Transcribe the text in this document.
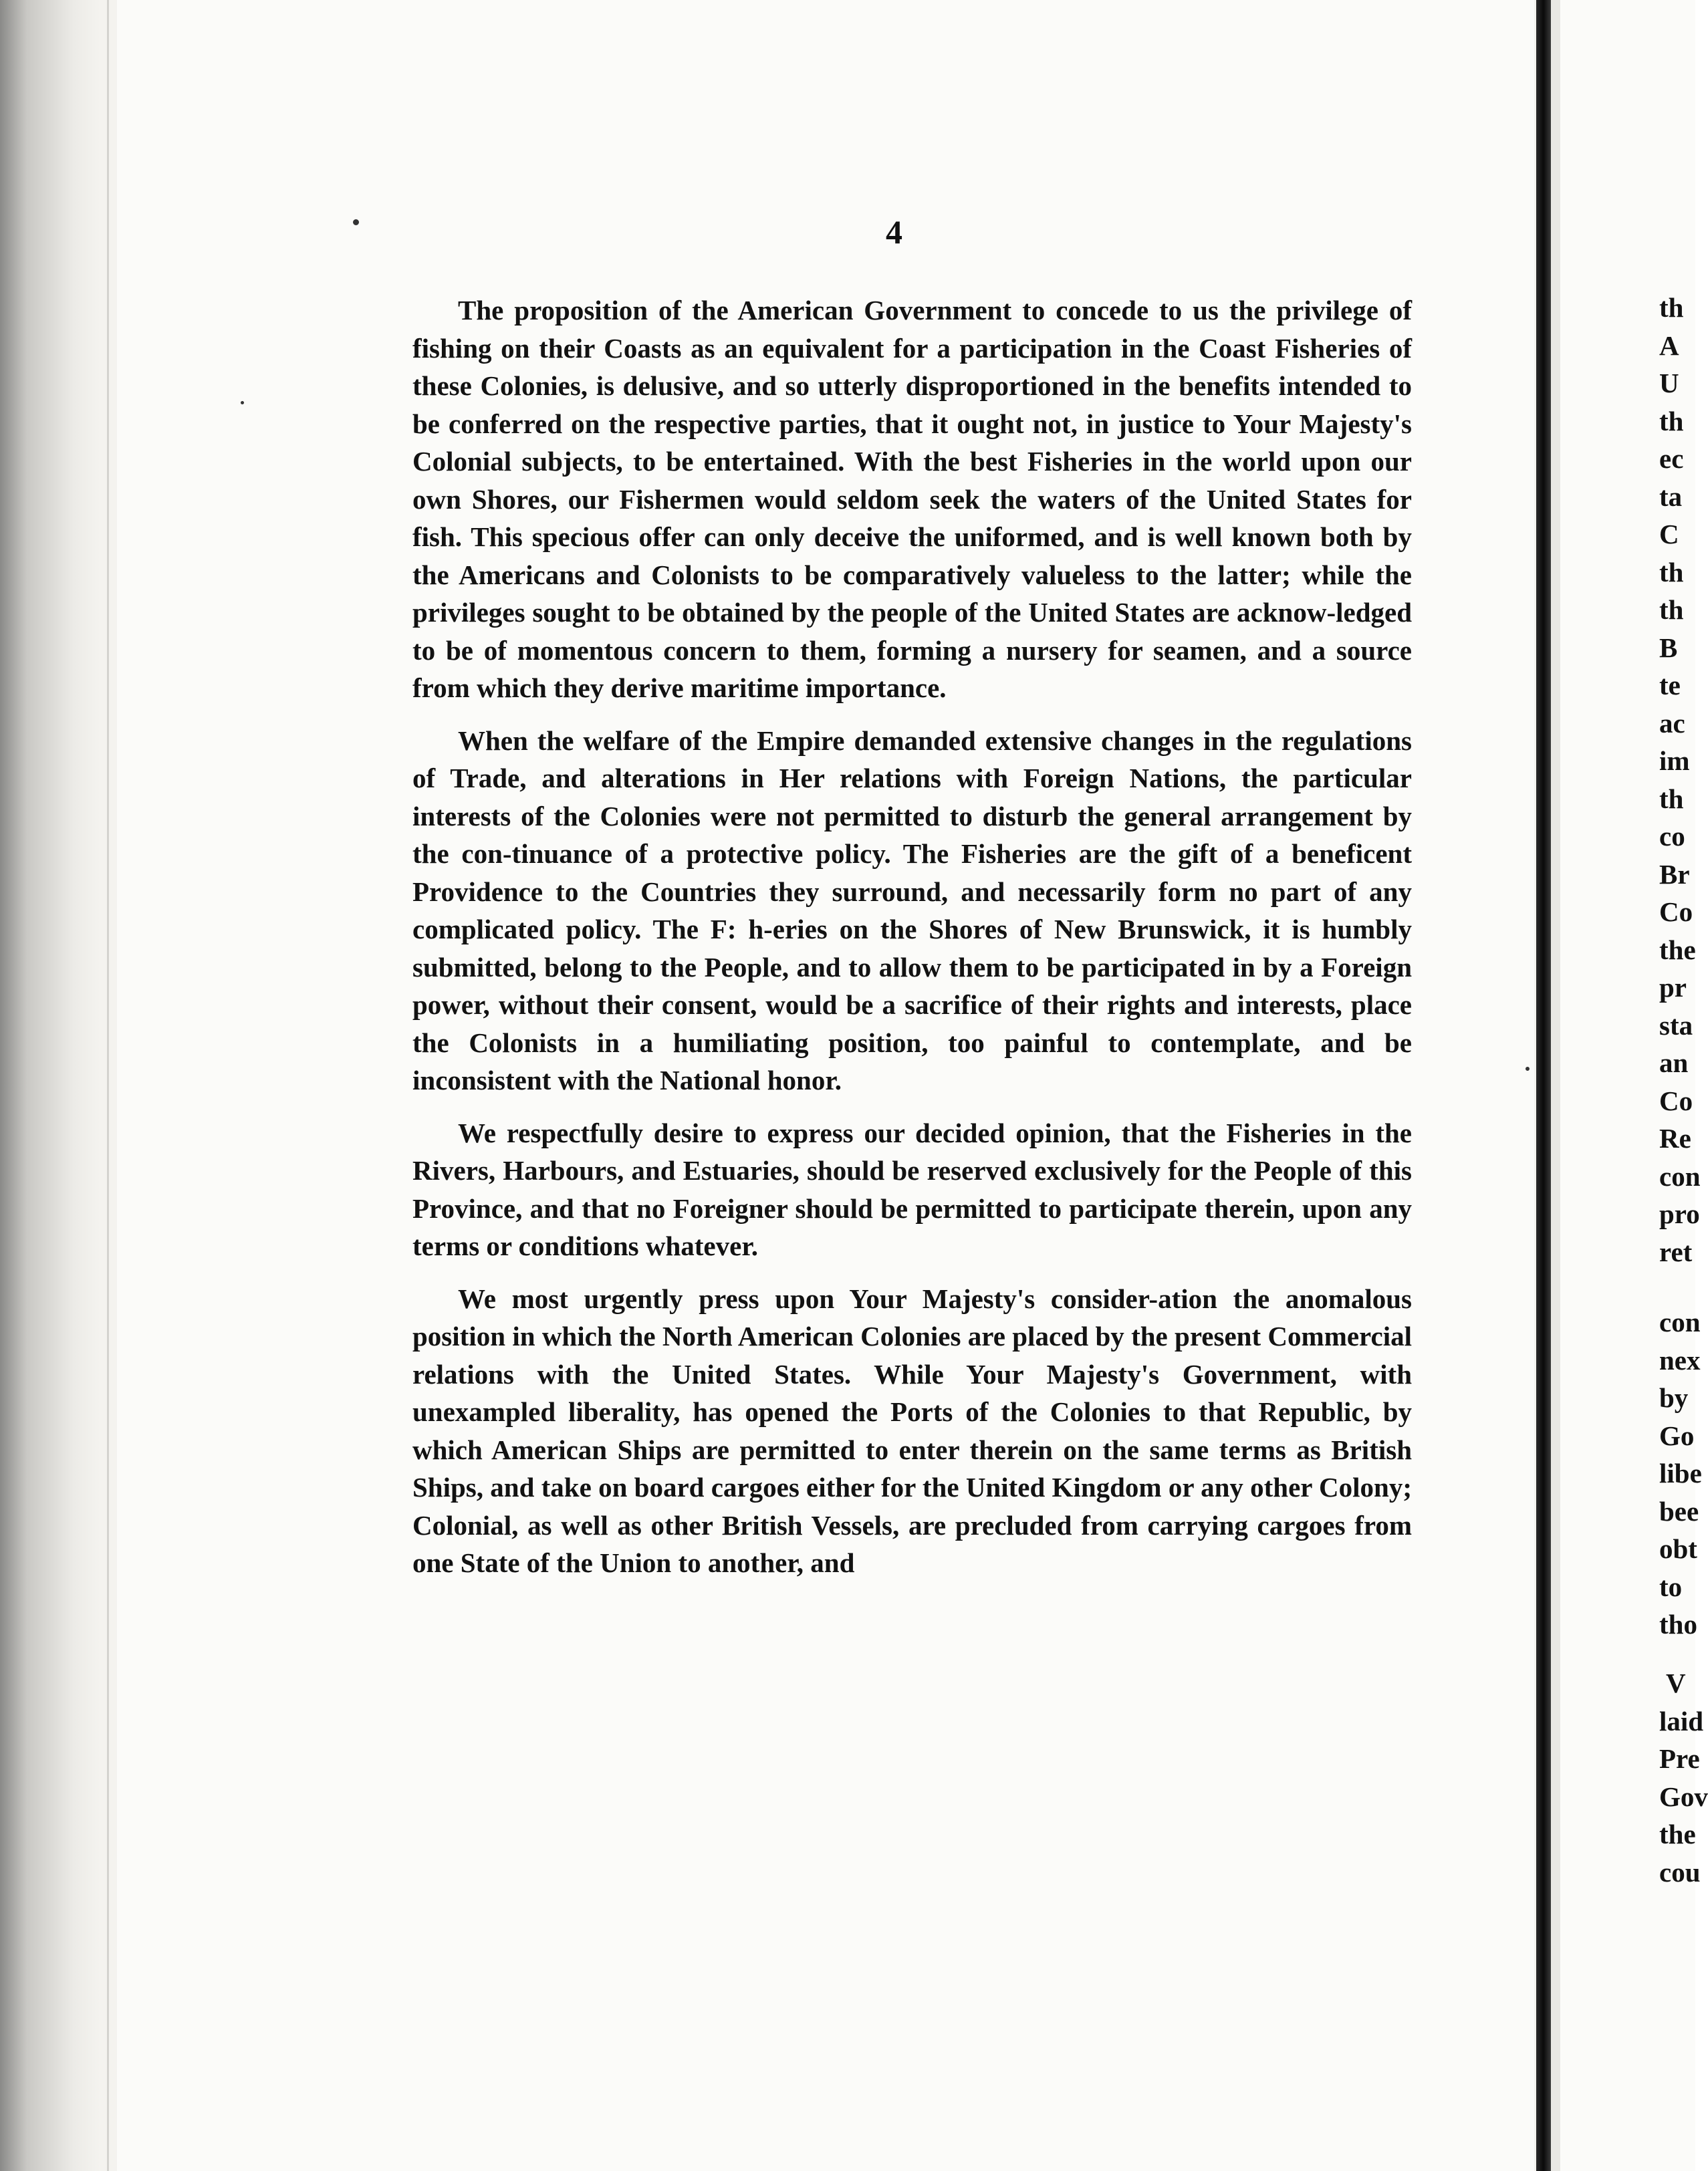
4

The proposition of the American Government to concede to us the privilege of fishing on their Coasts as an equivalent for a participation in the Coast Fisheries of these Colonies, is delusive, and so utterly disproportioned in the benefits intended to be conferred on the respective parties, that it ought not, in justice to Your Majesty's Colonial subjects, to be entertained. With the best Fisheries in the world upon our own Shores, our Fishermen would seldom seek the waters of the United States for fish. This specious offer can only deceive the uniformed, and is well known both by the Americans and Colonists to be comparatively valueless to the latter; while the privileges sought to be obtained by the people of the United States are acknow-ledged to be of momentous concern to them, forming a nursery for seamen, and a source from which they derive maritime importance.

When the welfare of the Empire demanded extensive changes in the regulations of Trade, and alterations in Her relations with Foreign Nations, the particular interests of the Colonies were not permitted to disturb the general arrangement by the con-tinuance of a protective policy. The Fisheries are the gift of a beneficent Providence to the Countries they surround, and necessarily form no part of any complicated policy. The F: h-eries on the Shores of New Brunswick, it is humbly submitted, belong to the People, and to allow them to be participated in by a Foreign power, without their consent, would be a sacrifice of their rights and interests, place the Colonists in a humiliating position, too painful to contemplate, and be inconsistent with the National honor.

We respectfully desire to express our decided opinion, that the Fisheries in the Rivers, Harbours, and Estuaries, should be reserved exclusively for the People of this Province, and that no Foreigner should be permitted to participate therein, upon any terms or conditions whatever.

We most urgently press upon Your Majesty's consider-ation the anomalous position in which the North American Colonies are placed by the present Commercial relations with the United States. While Your Majesty's Government, with unexampled liberality, has opened the Ports of the Colonies to that Republic, by which American Ships are permitted to enter therein on the same terms as British Ships, and take on board cargoes either for the United Kingdom or any other Colony; Colonial, as well as other British Vessels, are precluded from carrying cargoes from one State of the Union to another, and

th
A
U
th
ec
ta
C
th
th
B
te
ac
im
th
co
Br
Co
the
pr
sta
an
Co
Re
con
pro
ret
con
nex
by
Go
libe
bee
obt
to
tho
V
laid
Pre
Gov
the
cou
